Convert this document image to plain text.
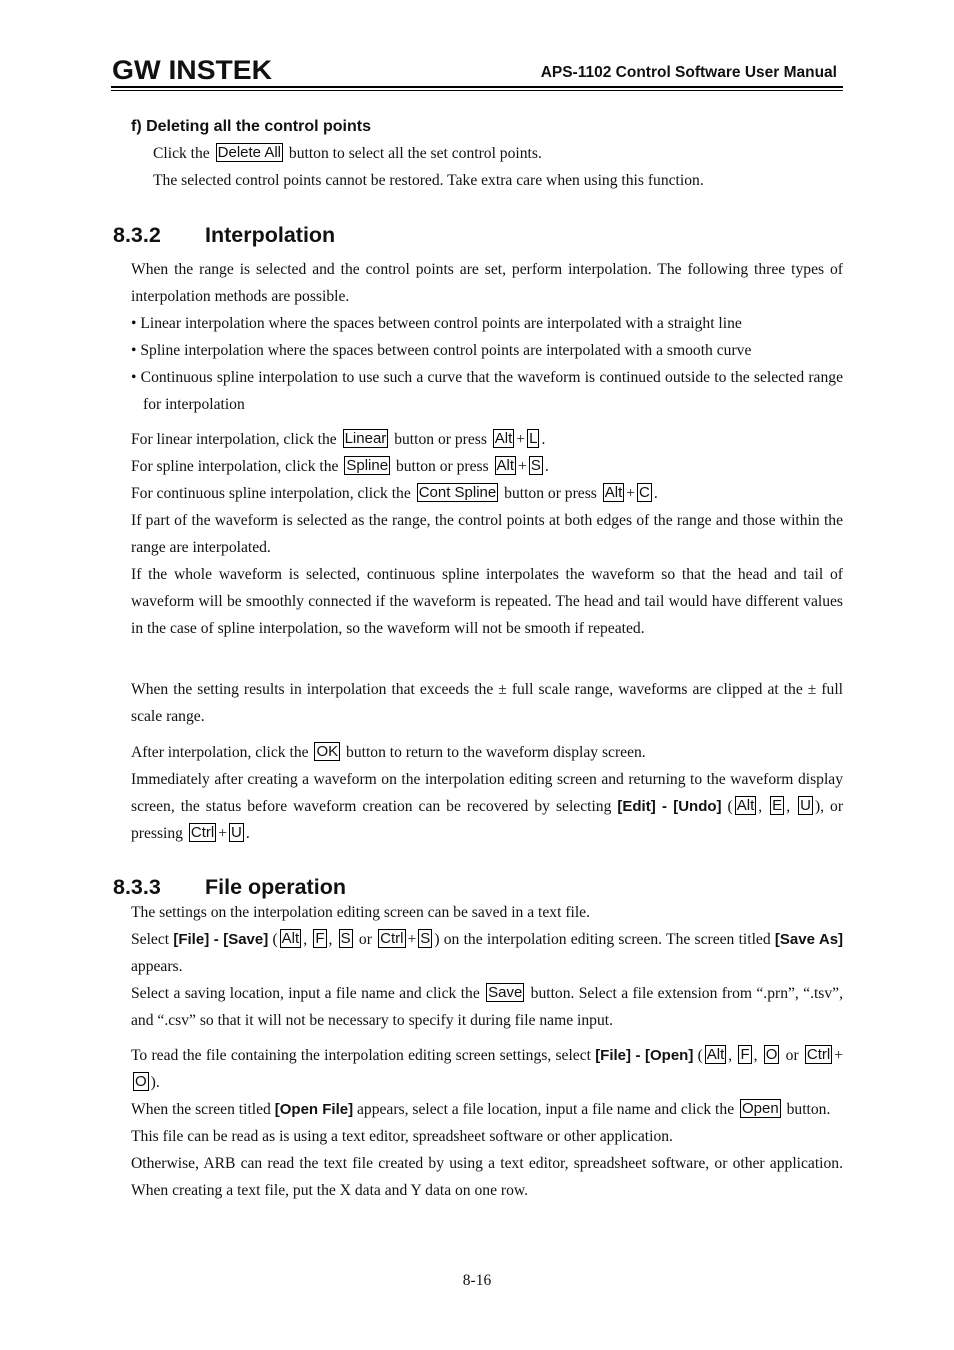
GW INSTEK	APS-1102 Control Software User Manual
f) Deleting all the control points

Click the Delete All button to select all the set control points.
The selected control points cannot be restored. Take extra care when using this function.

8.3.2 Interpolation

When the range is selected and the control points are set, perform interpolation. The following three types of interpolation methods are possible.
• Linear interpolation where the spaces between control points are interpolated with a straight line
• Spline interpolation where the spaces between control points are interpolated with a smooth curve
• Continuous spline interpolation to use such a curve that the waveform is continued outside to the selected range for interpolation

For linear interpolation, click the Linear button or press Alt + L .
For spline interpolation, click the Spline button or press Alt + S .
For continuous spline interpolation, click the Cont Spline button or press Alt + C .
If part of the waveform is selected as the range, the control points at both edges of the range and those within the range are interpolated.
If the whole waveform is selected, continuous spline interpolates the waveform so that the head and tail of waveform will be smoothly connected if the waveform is repeated. The head and tail would have different values in the case of spline interpolation, so the waveform will not be smooth if repeated.

When the setting results in interpolation that exceeds the ± full scale range, waveforms are clipped at the ± full scale range.

After interpolation, click the OK button to return to the waveform display screen.
Immediately after creating a waveform on the interpolation editing screen and returning to the waveform display screen, the status before waveform creation can be recovered by selecting [Edit] - [Undo] ( Alt , E , U ), or pressing Ctrl + U .

8.3.3 File operation

The settings on the interpolation editing screen can be saved in a text file.
Select [File] - [Save] ( Alt , F , S or Ctrl + S ) on the interpolation editing screen. The screen titled [Save As] appears.
Select a saving location, input a file name and click the Save button. Select a file extension from “.prn”, “.tsv”, and “.csv” so that it will not be necessary to specify it during file name input.

To read the file containing the interpolation editing screen settings, select [File] - [Open] ( Alt , F , O or Ctrl +O ).
When the screen titled [Open File] appears, select a file location, input a file name and click the Open button.
This file can be read as is using a text editor, spreadsheet software or other application.
Otherwise, ARB can read the text file created by using a text editor, spreadsheet software, or other application. When creating a text file, put the X data and Y data on one row.

8-16
